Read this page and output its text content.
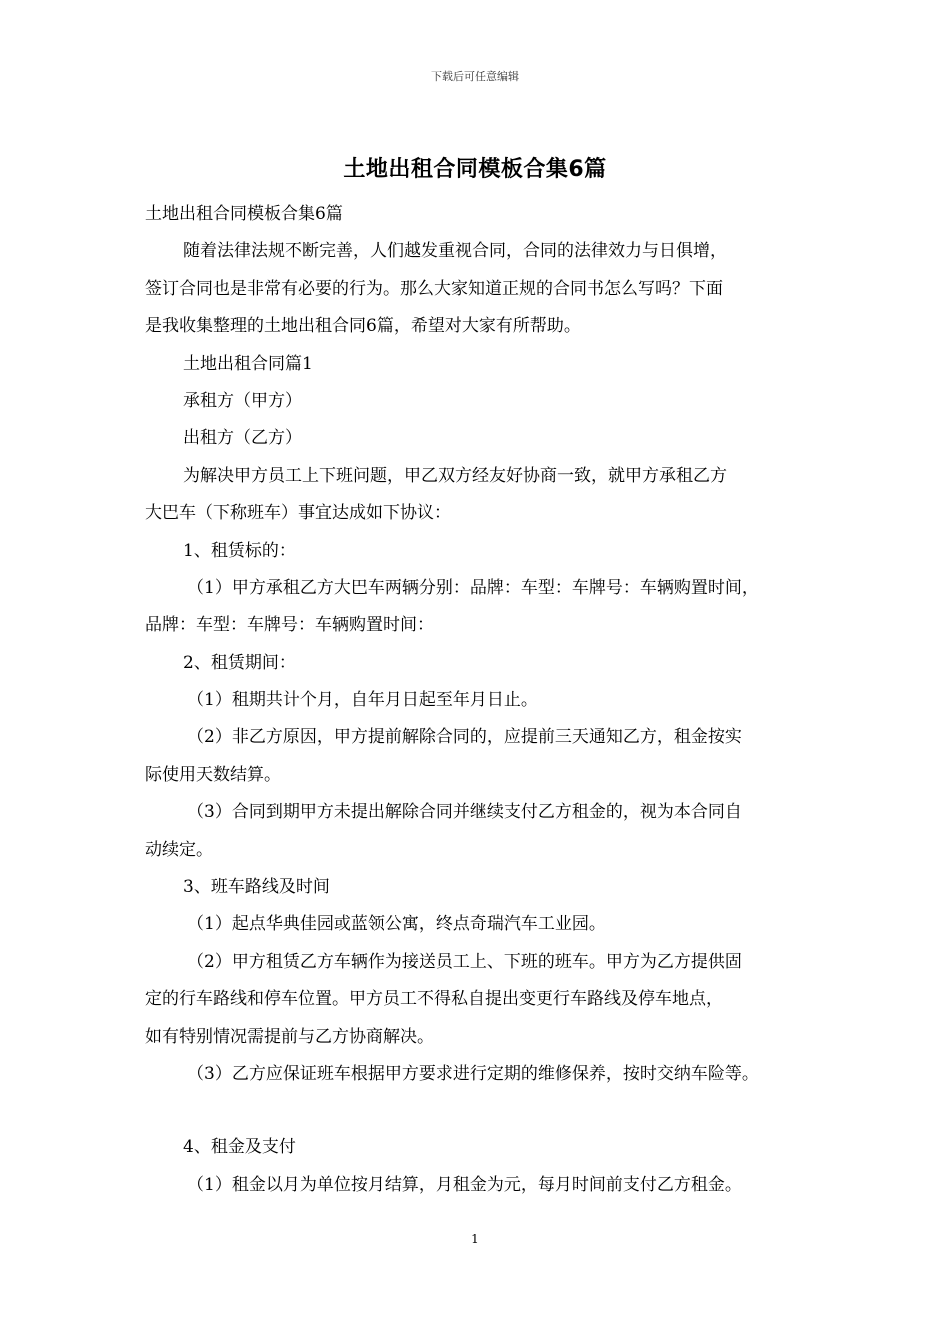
下载后可任意编辑
土地出租合同模板合集6篇
土地出租合同模板合集6篇
随着法律法规不断完善，人们越发重视合同，合同的法律效力与日俱增，
签订合同也是非常有必要的行为。那么大家知道正规的合同书怎么写吗？下面
是我收集整理的土地出租合同6篇，希望对大家有所帮助。
土地出租合同篇1
承租方（甲方）
出租方（乙方）
为解决甲方员工上下班问题，甲乙双方经友好协商一致，就甲方承租乙方
大巴车（下称班车）事宜达成如下协议：
1、租赁标的：
（1）甲方承租乙方大巴车两辆分别：品牌：车型：车牌号：车辆购置时间，
品牌：车型：车牌号：车辆购置时间：
2、租赁期间：
（1）租期共计个月，自年月日起至年月日止。
（2）非乙方原因，甲方提前解除合同的，应提前三天通知乙方，租金按实
际使用天数结算。
（3）合同到期甲方未提出解除合同并继续支付乙方租金的，视为本合同自
动续定。
3、班车路线及时间
（1）起点华典佳园或蓝领公寓，终点奇瑞汽车工业园。
（2）甲方租赁乙方车辆作为接送员工上、下班的班车。甲方为乙方提供固
定的行车路线和停车位置。甲方员工不得私自提出变更行车路线及停车地点，
如有特别情况需提前与乙方协商解决。
（3）乙方应保证班车根据甲方要求进行定期的维修保养，按时交纳车险等。
4、租金及支付
（1）租金以月为单位按月结算，月租金为元，每月时间前支付乙方租金。
1
